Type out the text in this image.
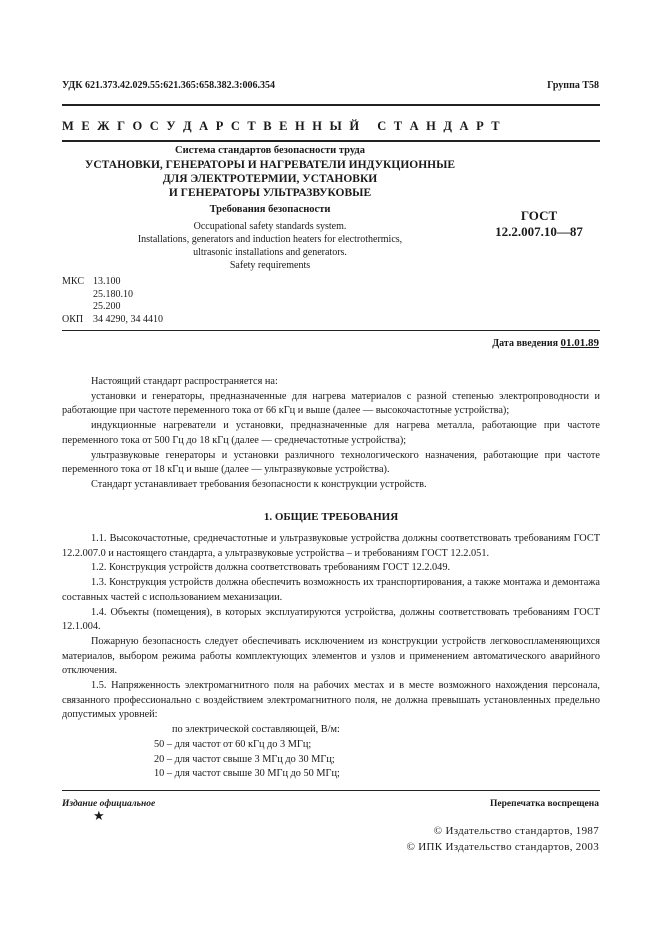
УДК 621.373.42.029.55:621.365:658.382.3:006.354	Группа Т58
М Е Ж Г О С У Д А Р С Т В Е Н Н Ы Й   С Т А Н Д А Р Т
Система стандартов безопасности труда
УСТАНОВКИ, ГЕНЕРАТОРЫ И НАГРЕВАТЕЛИ ИНДУКЦИОННЫЕ
ДЛЯ ЭЛЕКТРОТЕРМИИ, УСТАНОВКИ
И ГЕНЕРАТОРЫ УЛЬТРАЗВУКОВЫЕ
Требования безопасности
Occupational safety standards system.
Installations, generators and induction heaters for electrothermics,
ultrasonic installations and generators.
Safety requirements
ГОСТ
12.2.007.10—87
МКС 13.100
25.180.10
25.200
ОКП 34 4290, 34 4410
Дата введения 01.01.89

Настоящий стандарт распространяется на:

установки и генераторы, предназначенные для нагрева материалов с разной степенью электропроводности и работающие при частоте переменного тока от 66 кГц и выше (далее — высокочастотные устройства);

индукционные нагреватели и установки, предназначенные для нагрева металла, работающие при частоте переменного тока от 500 Гц до 18 кГц (далее — среднечастотные устройства);

ультразвуковые генераторы и установки различного технологического назначения, работающие при частоте переменного тока от 18 кГц и выше (далее — ультразвуковые устройства).

Стандарт устанавливает требования безопасности к конструкции устройств.

1. ОБЩИЕ ТРЕБОВАНИЯ

1.1. Высокочастотные, среднечастотные и ультразвуковые устройства должны соответствовать требованиям ГОСТ 12.2.007.0 и настоящего стандарта, а ультразвуковые устройства – и требованиям ГОСТ 12.2.051.

1.2. Конструкция устройств должна соответствовать требованиям ГОСТ 12.2.049.

1.3. Конструкция устройств должна обеспечить возможность их транспортирования, а также монтажа и демонтажа составных частей с использованием механизации.

1.4. Объекты (помещения), в которых эксплуатируются устройства, должны соответствовать требованиям ГОСТ 12.1.004.

Пожарную безопасность следует обеспечивать исключением из конструкции устройств легковоспламеняющихся материалов, выбором режима работы комплектующих элементов и узлов и применением автоматического аварийного отключения.

1.5. Напряженность электромагнитного поля на рабочих местах и в месте возможного нахождения персонала, связанного профессионально с воздействием электромагнитного поля, не должна превышать установленных предельно допустимых уровней:

по электрической составляющей, В/м:

50 – для частот от 60 кГц до 3 МГц;

20 – для частот свыше 3 МГц до 30 МГц;

10 – для частот свыше 30 МГц до 50 МГц;

Издание официальное	Перепечатка воспрещена
★
© Издательство стандартов, 1987
© ИПК Издательство стандартов, 2003
